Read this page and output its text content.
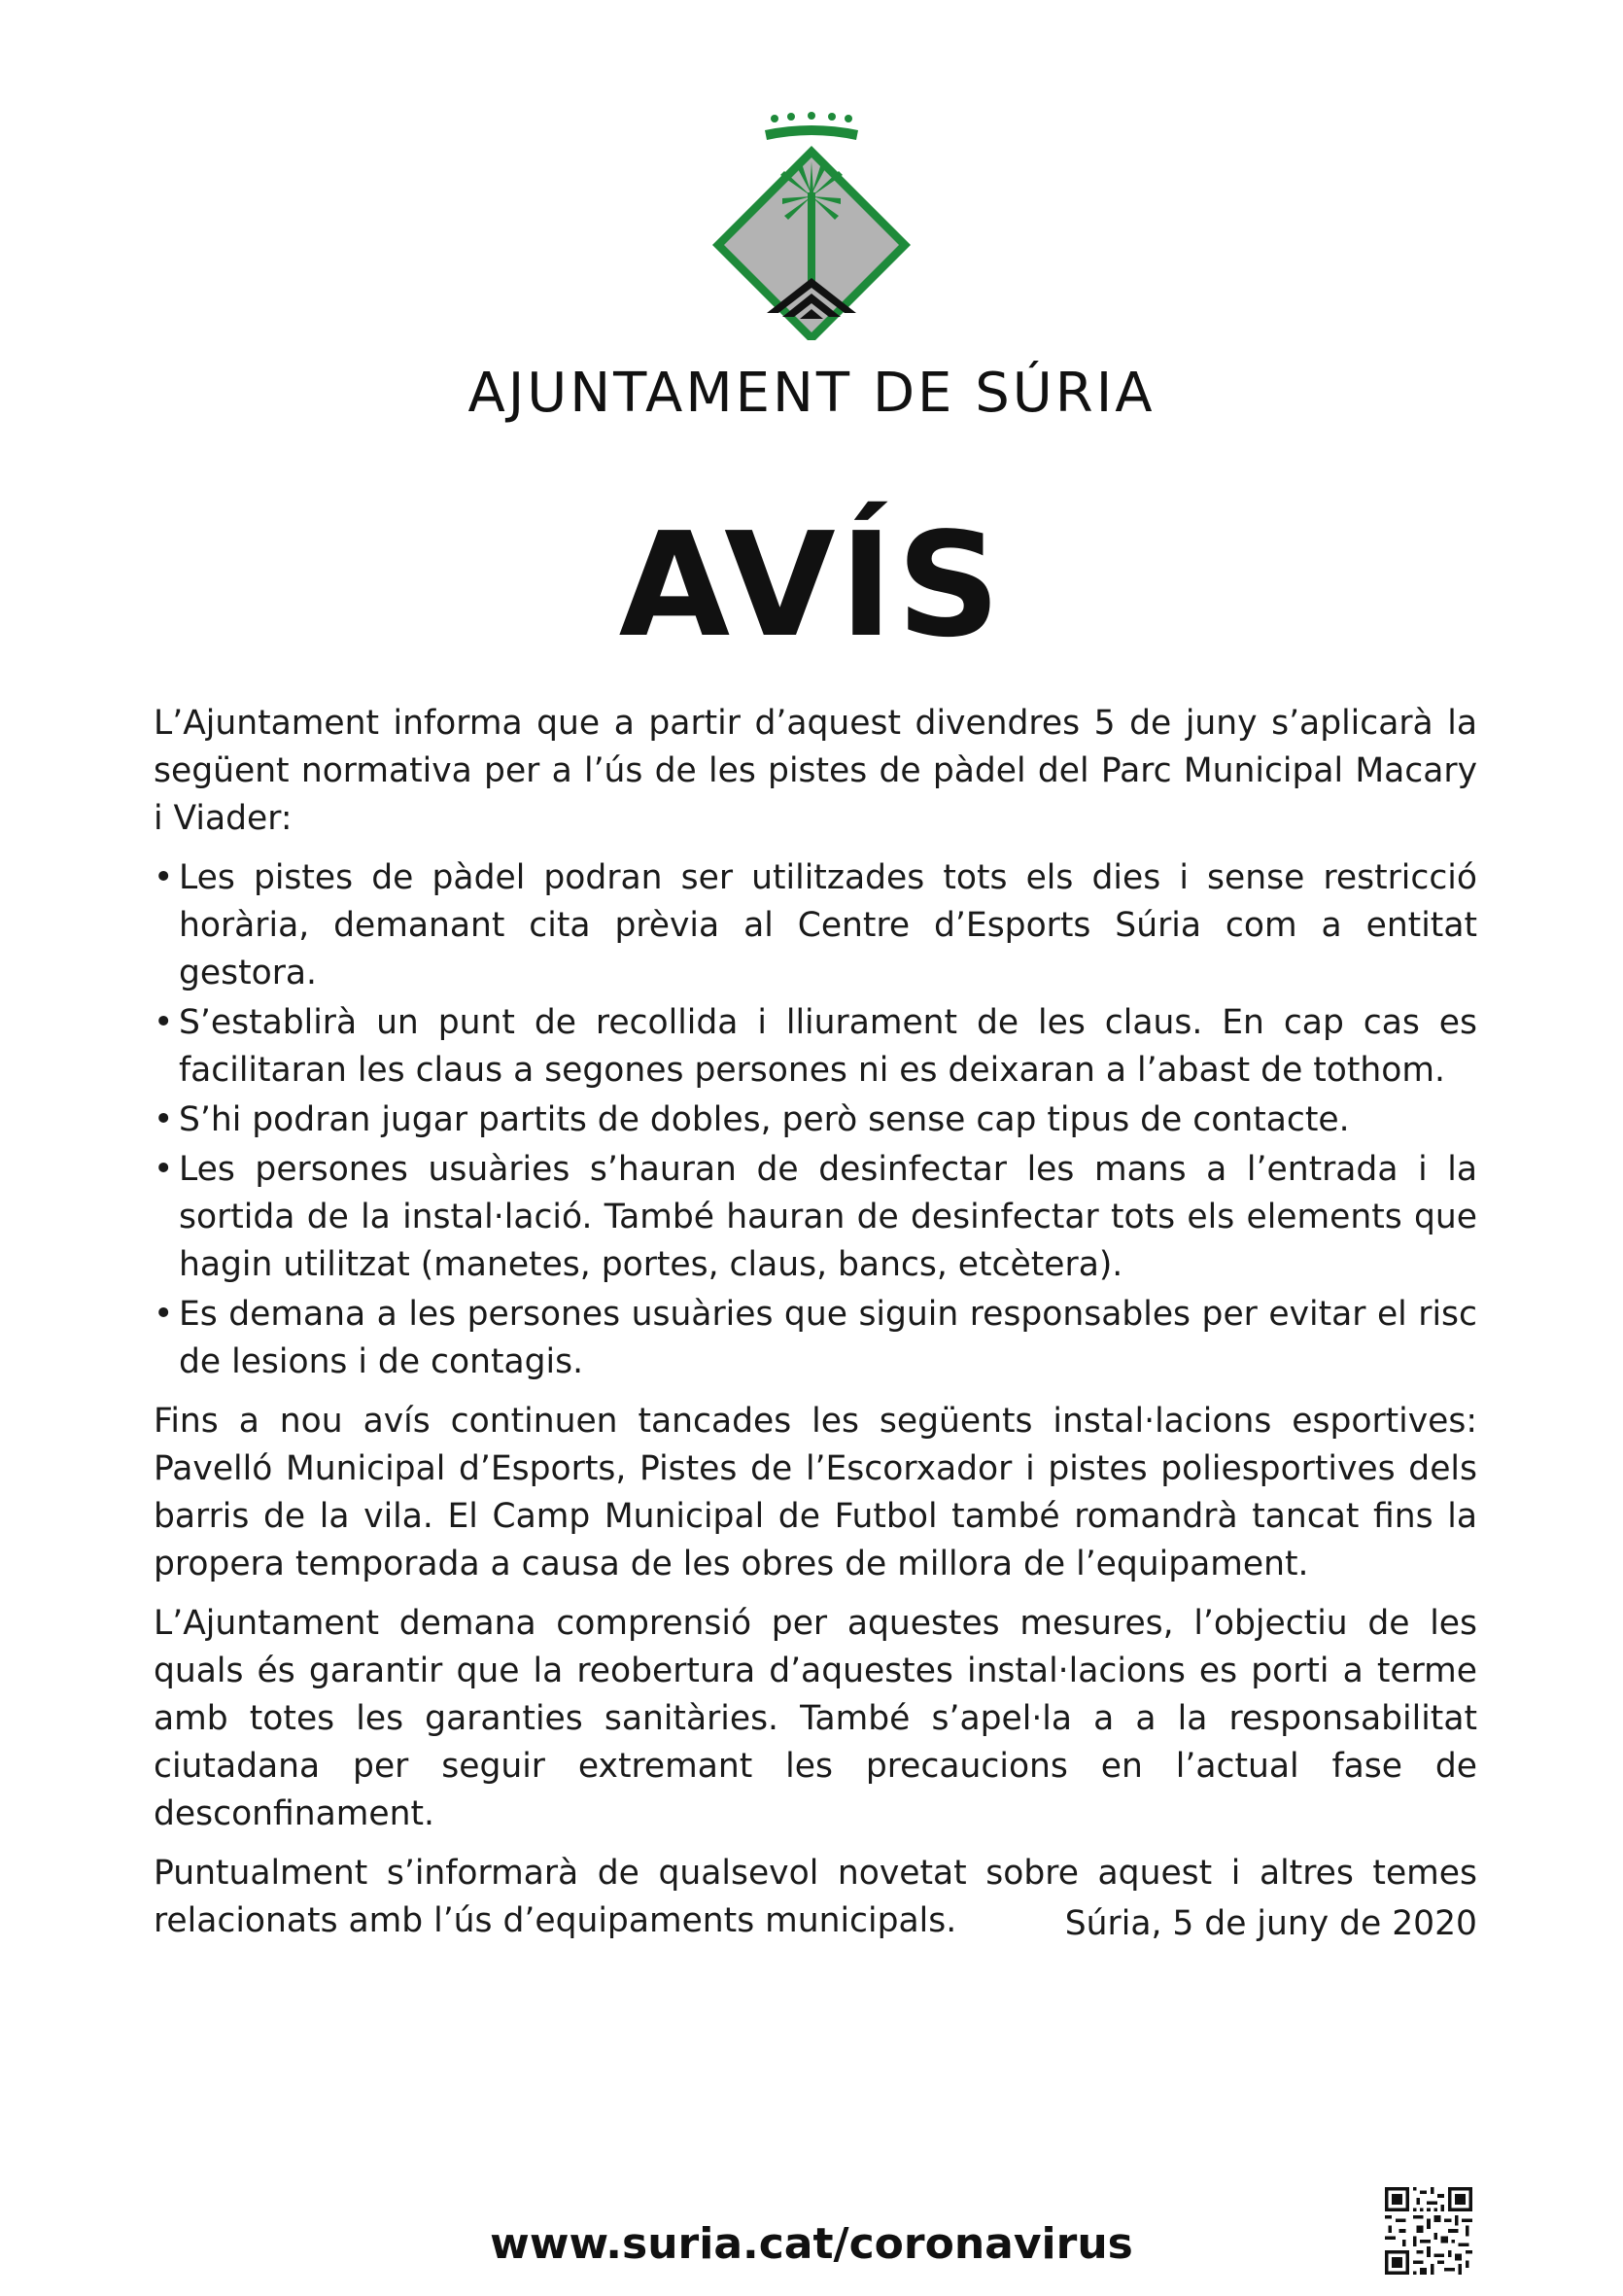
AJUNTAMENT DE SÚRIA
AVÍS

L’Ajuntament informa que a partir d’aquest divendres 5 de juny s’aplicarà la següent normativa per a l’ús de les pistes de pàdel del Parc Municipal Macary i Viader:

• Les pistes de pàdel podran ser utilitzades tots els dies i sense restricció horària, demanant cita prèvia al Centre d’Esports Súria com a entitat gestora.
• S’establirà un punt de recollida i lliurament de les claus. En cap cas es facilitaran les claus a segones persones ni es deixaran a l’abast de tothom.
• S’hi podran jugar partits de dobles, però sense cap tipus de contacte.
• Les persones usuàries s’hauran de desinfectar les mans a l’entrada i la sortida de la instal·lació. També hauran de desinfectar tots els elements que hagin utilitzat (manetes, portes, claus, bancs, etcètera).
• Es demana a les persones usuàries que siguin responsables per evitar el risc de lesions i de contagis.

Fins a nou avís continuen tancades les següents instal·lacions esportives: Pavelló Municipal d’Esports, Pistes de l’Escorxador i pistes poliesportives dels barris de la vila. El Camp Municipal de Futbol també romandrà tancat fins la propera temporada a causa de les obres de millora de l’equipament.

L’Ajuntament demana comprensió per aquestes mesures, l’objectiu de les quals és garantir que la reobertura d’aquestes instal·lacions es porti a terme amb totes les garanties sanitàries. També s’apel·la a a la responsabilitat ciutadana per seguir extremant les precaucions en l’actual fase de desconfinament.

Puntualment s’informarà de qualsevol novetat sobre aquest i altres temes relacionats amb l’ús d’equipaments municipals.	Súria, 5 de juny de 2020
www.suria.cat/coronavirus
